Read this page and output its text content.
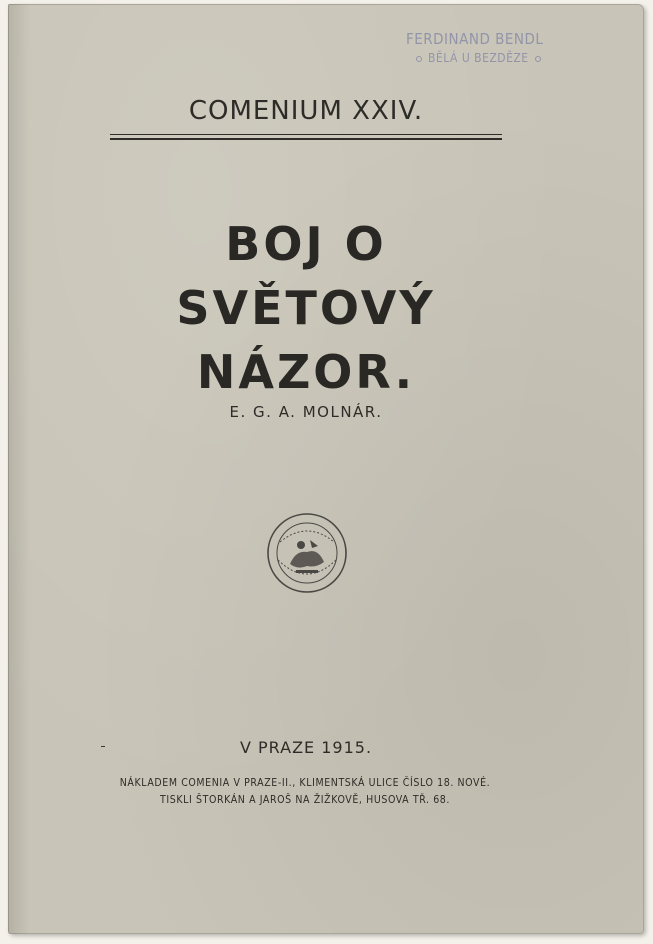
FERDINAND BENDL
BĚLÁ U BEZDĚZE
COMENIUM XXIV.
BOJ O SVĚTOVÝ
NÁZOR.
E. G. A. MOLNÁR.
V PRAZE 1915.
NÁKLADEM COMENIA V PRAZE-II., KLIMENTSKÁ ULICE ČÍSLO 18. NOVÉ.
TISKLI ŠTORKÁN A JAROŠ NA ŽIŽKOVĚ, HUSOVA TŘ. 68.
